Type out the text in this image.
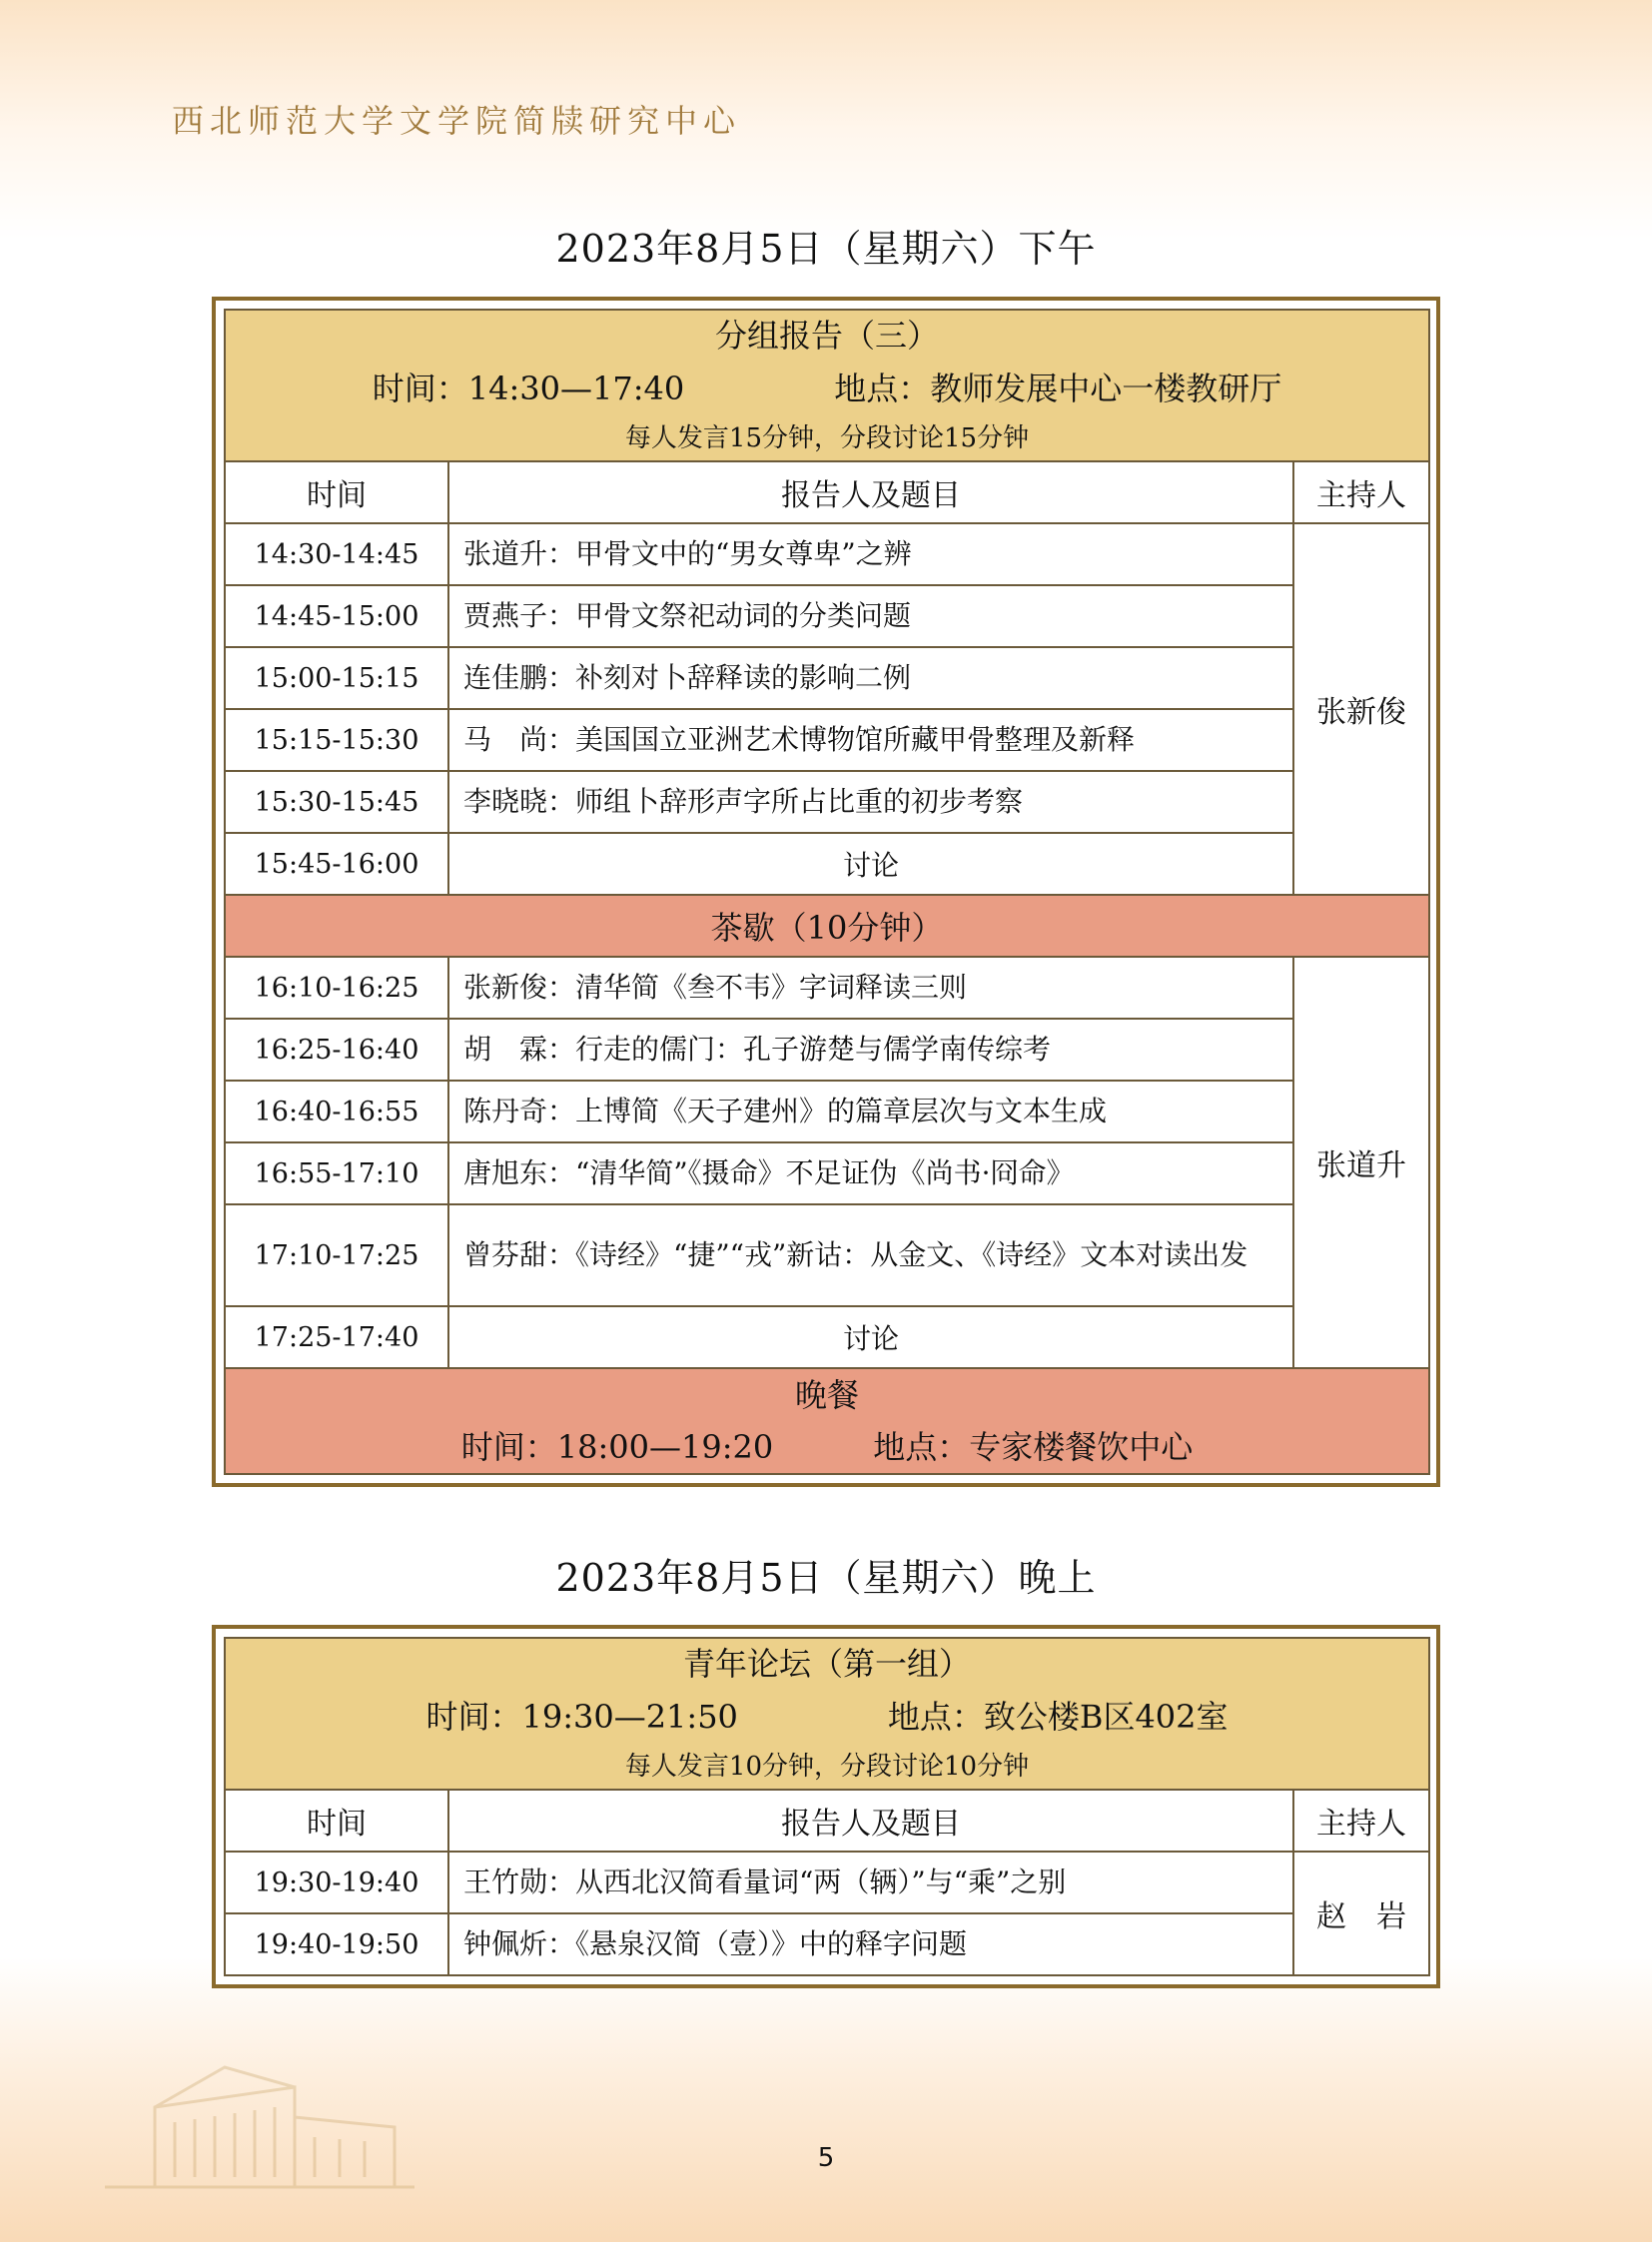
西北师范大学文学院简牍研究中心
2023年8月5日（星期六）下午
分组报告（三）
时间：14:30—17:40 地点：教师发展中心一楼教研厅
每人发言15分钟，分段讨论15分钟		

时间	报告人及题目	主持人
14:30-14:45	张道升：甲骨文中的“男女尊卑”之辨	张新俊
14:45-15:00	贾燕子：甲骨文祭祀动词的分类问题	
15:00-15:15	连佳鹏：补刻对卜辞释读的影响二例	
15:15-15:30	马　尚：美国国立亚洲艺术博物馆所藏甲骨整理及新释	
15:30-15:45	李晓晓：师组卜辞形声字所占比重的初步考察	
15:45-16:00	讨论	
茶歇（10分钟）		
16:10-16:25	张新俊：清华简《叁不韦》字词释读三则	张道升
16:25-16:40	胡　霖：行走的儒门：孔子游楚与儒学南传综考	
16:40-16:55	陈丹奇：上博简《天子建州》的篇章层次与文本生成	
16:55-17:10	唐旭东：“清华简”《摄命》不足证伪《尚书·冏命》	
17:10-17:25	曾芬甜：《诗经》“捷”“戎”新诂：从金文、《诗经》文本对读出发	
17:25-17:40	讨论	

晚餐
时间：18:00—19:20 地点：专家楼餐饮中心		
2023年8月5日（星期六）晚上
青年论坛（第一组）
时间：19:30—21:50 地点：致公楼B区402室
每人发言10分钟，分段讨论10分钟		

时间	报告人及题目	主持人
19:30-19:40	王竹勋：从西北汉简看量词“两（辆）”与“乘”之别	赵　岩
19:40-19:50	钟佩炘：《悬泉汉简（壹）》中的释字问题	
5
